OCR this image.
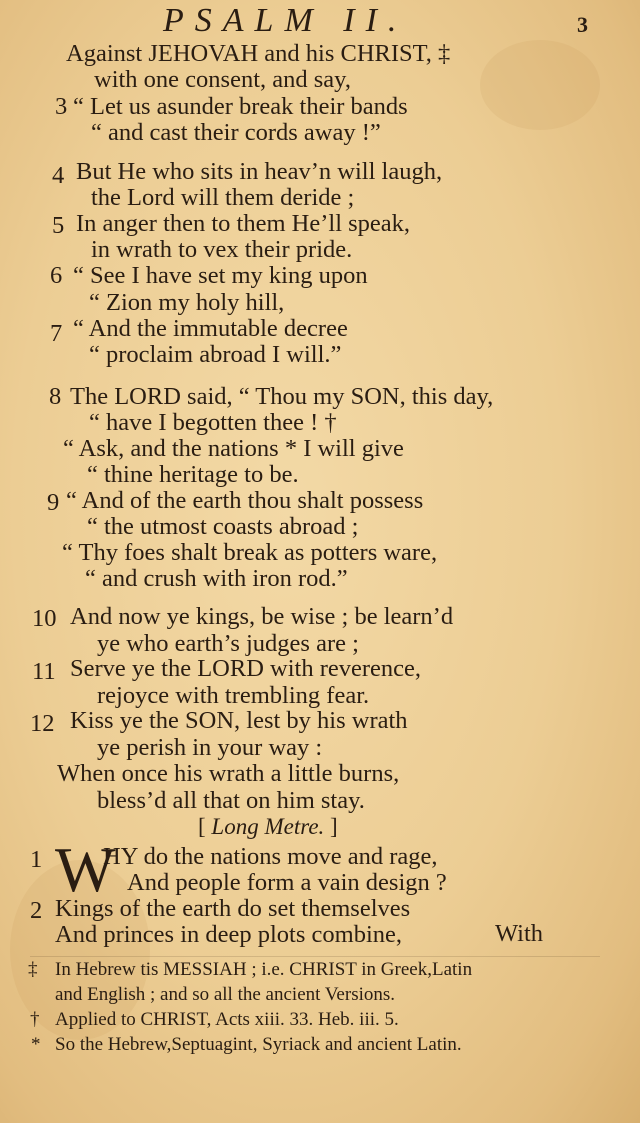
PSALM II.	3
Against JEHOVAH and his CHRIST, ‡
with one consent, and say,
3 “ Let us asunder break their bands
“ and cast their cords away !”
4 But He who sits in heav’n will laugh,
the Lord will them deride ;
5 In anger then to them He’ll speak,
in wrath to vex their pride.
6 “ See I have set my king upon
“ Zion my holy hill,
7 “ And the immutable decree
“ proclaim abroad I will.”
8 The LORD said, “ Thou my SON, this day,
“ have I begotten thee ! †
“ Ask, and the nations * I will give
“ thine heritage to be.
9 “ And of the earth thou shalt possess
“ the utmost coasts abroad ;
“ Thy foes shalt break as potters ware,
“ and crush with iron rod.”
10 And now ye kings, be wise ; be learn’d
ye who earth’s judges are ;
11 Serve ye the LORD with reverence,
rejoyce with trembling fear.
12 Kiss ye the SON, lest by his wrath
ye perish in your way :
When once his wrath a little burns,
bless’d all that on him stay.
[ Long Metre. ]
1 W
HY do the nations move and rage,
And people form a vain design ?
2 Kings of the earth do set themselves
And princes in deep plots combine,	With
‡ In Hebrew tis MESSIAH ; i.e. CHRIST in Greek,Latin
and English ; and so all the ancient Versions.
† Applied to CHRIST, Acts xiii. 33. Heb. iii. 5.
* So the Hebrew,Septuagint, Syriack and ancient Latin.
